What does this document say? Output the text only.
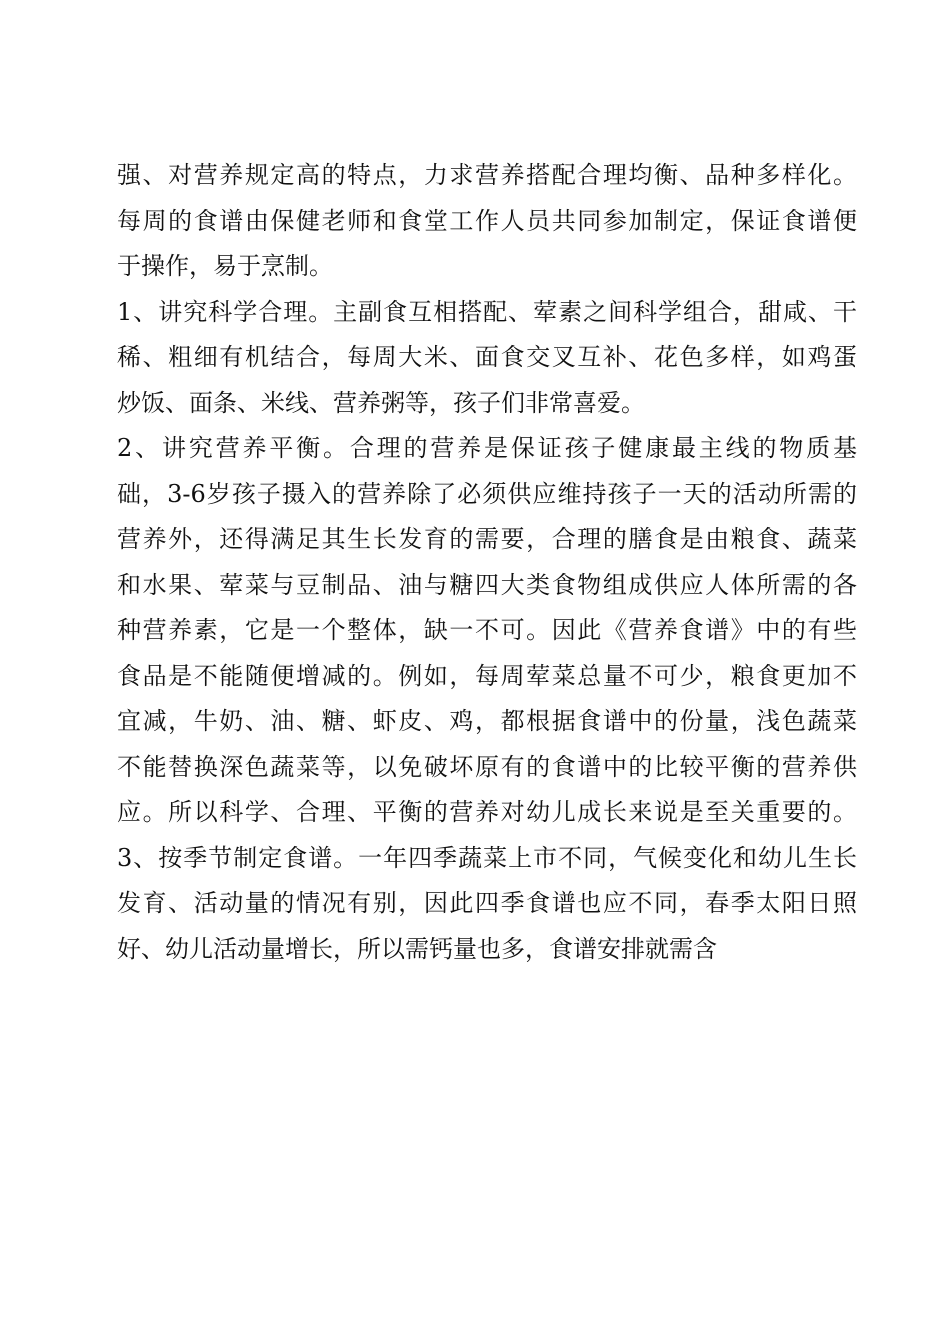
强、对营养规定高的特点，力求营养搭配合理均衡、品种多样化。
每周的食谱由保健老师和食堂工作人员共同参加制定，保证食谱便
于操作，易于烹制。
1、讲究科学合理。主副食互相搭配、荤素之间科学组合，甜咸、干
稀、粗细有机结合，每周大米、面食交叉互补、花色多样，如鸡蛋
炒饭、面条、米线、营养粥等，孩子们非常喜爱。
2、讲究营养平衡。合理的营养是保证孩子健康最主线的物质基
础，3-6岁孩子摄入的营养除了必须供应维持孩子一天的活动所需的
营养外，还得满足其生长发育的需要，合理的膳食是由粮食、蔬菜
和水果、荤菜与豆制品、油与糖四大类食物组成供应人体所需的各
种营养素，它是一个整体，缺一不可。因此《营养食谱》中的有些
食品是不能随便增减的。例如，每周荤菜总量不可少，粮食更加不
宜减，牛奶、油、糖、虾皮、鸡，都根据食谱中的份量，浅色蔬菜
不能替换深色蔬菜等，以免破坏原有的食谱中的比较平衡的营养供
应。所以科学、合理、平衡的营养对幼儿成长来说是至关重要的。
3、按季节制定食谱。一年四季蔬菜上市不同，气候变化和幼儿生长
发育、活动量的情况有别，因此四季食谱也应不同，春季太阳日照
好、幼儿活动量增长，所以需钙量也多，食谱安排就需含
